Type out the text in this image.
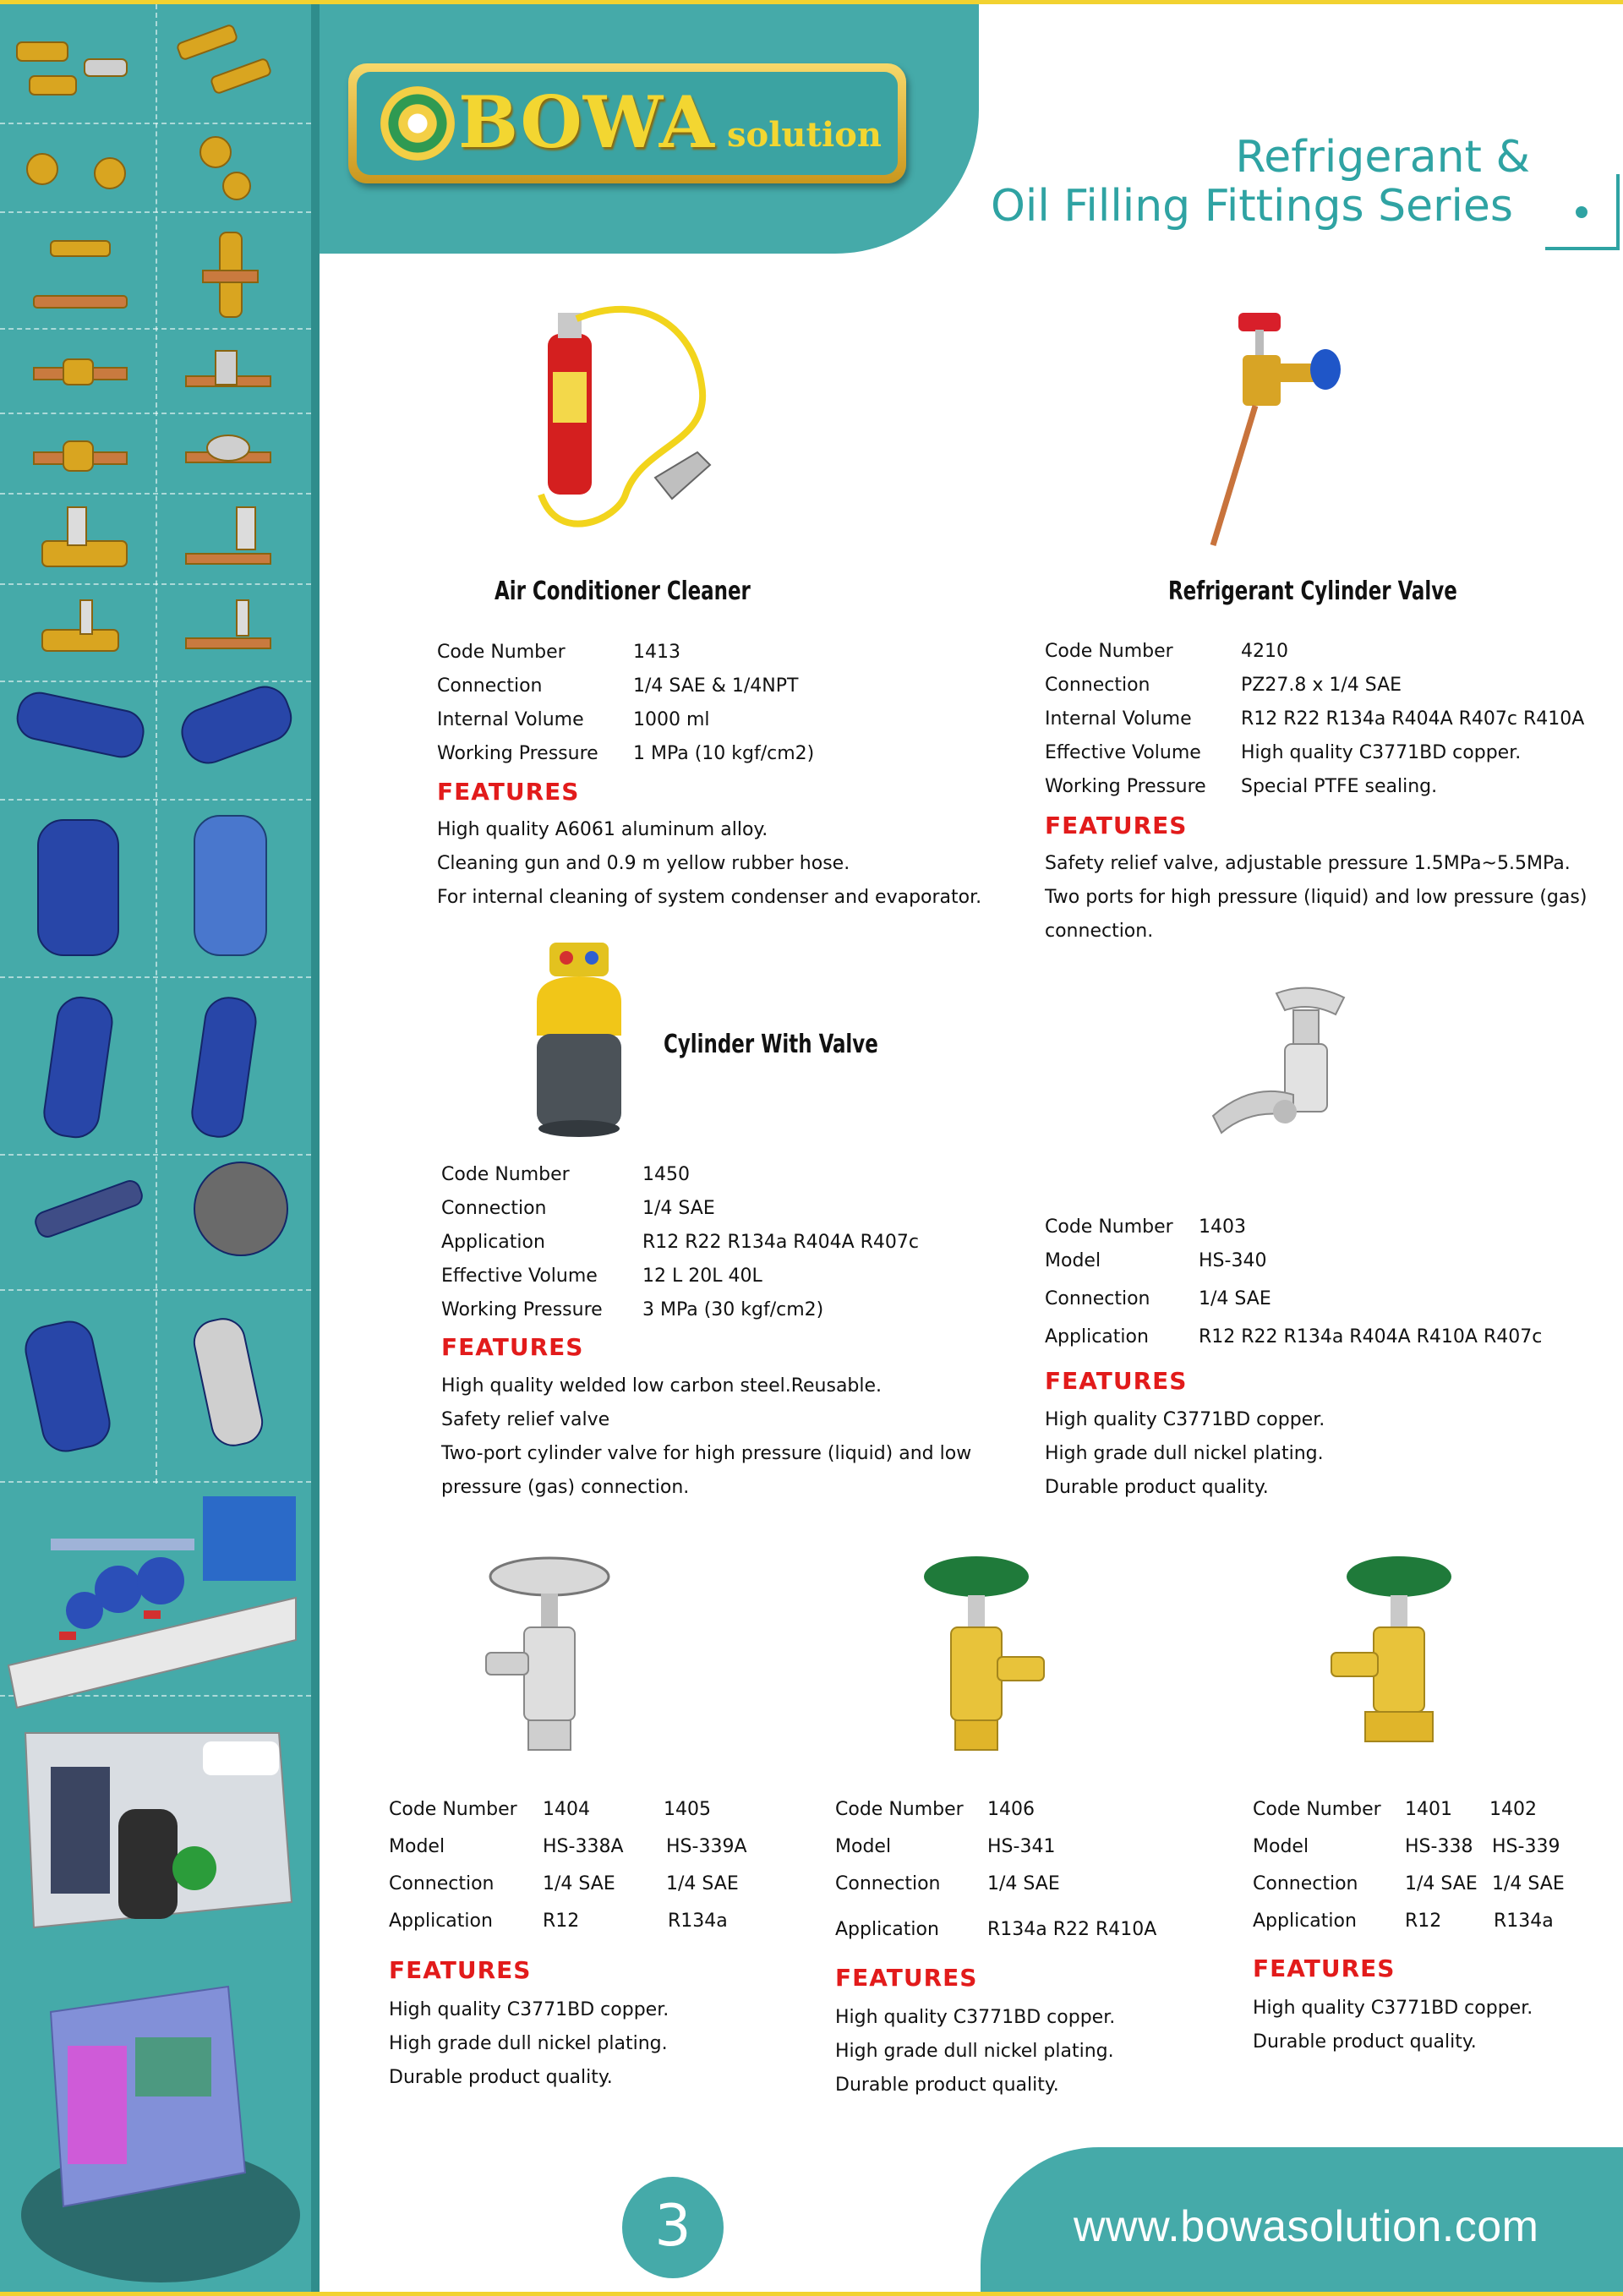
BOWA solution	Refrigerant &
Oil Filling Fittings Series
Air Conditioner Cleaner
Code Number	1413
Connection	1/4 SAE & 1/4NPT
Internal Volume	1000 ml
Working Pressure	1 MPa (10 kgf/cm2)
FEATURES
High quality A6061 aluminum alloy.
Cleaning gun and 0.9 m yellow rubber hose.
For internal cleaning of system condenser and evaporator.
Refrigerant Cylinder Valve
Code Number	4210
Connection	PZ27.8 x 1/4 SAE
Internal Volume	R12 R22 R134a R404A R407c R410A
Effective Volume	High quality C3771BD copper.
Working Pressure	Special PTFE sealing.
FEATURES
Safety relief valve, adjustable pressure 1.5MPa~5.5MPa.
Two ports for high pressure (liquid) and low pressure (gas)
connection.
Cylinder With Valve
Code Number	1450
Connection	1/4 SAE
Application	R12 R22 R134a R404A R407c
Effective Volume	12 L 20L 40L
Working Pressure	3 MPa (30 kgf/cm2)
FEATURES
High quality welded low carbon steel.Reusable.
Safety relief valve
Two-port cylinder valve for high pressure (liquid) and low
pressure (gas) connection.
Code Number	1403
Model	HS-340
Connection	1/4 SAE
Application	R12 R22 R134a R404A R410A R407c
FEATURES
High quality C3771BD copper.
High grade dull nickel plating.
Durable product quality.
Code Number	1404	1405
Model	HS-338A	HS-339A
Connection	1/4 SAE	1/4 SAE
Application	R12	R134a
FEATURES
High quality C3771BD copper.
High grade dull nickel plating.
Durable product quality.
Code Number	1406
Model	HS-341
Connection	1/4 SAE
Application	R134a R22 R410A
FEATURES
High quality C3771BD copper.
High grade dull nickel plating.
Durable product quality.
Code Number	1401	1402
Model	HS-338	HS-339
Connection	1/4 SAE 1/4 SAE
Application	R12	R134a
FEATURES
High quality C3771BD copper.
Durable product quality.
3	www.bowasolution.com
